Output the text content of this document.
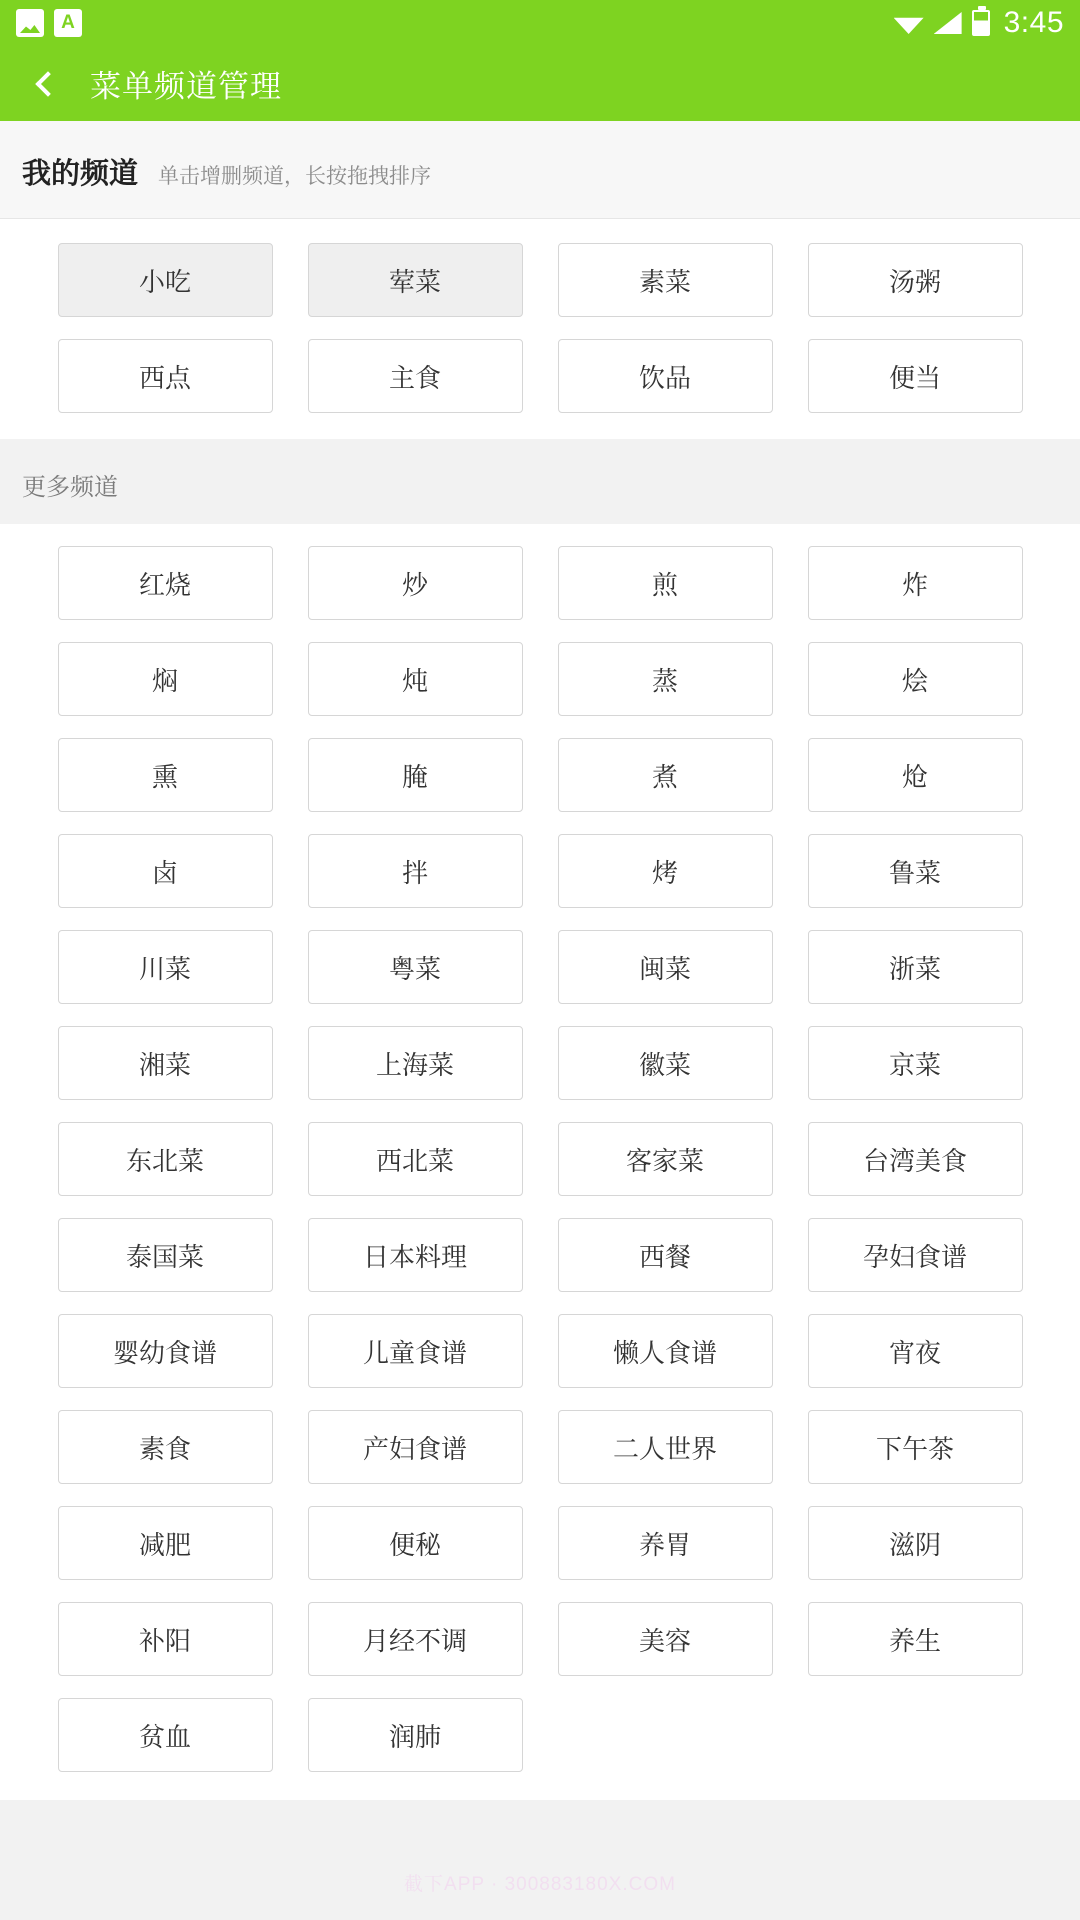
A	3:45
菜单频道管理
我的频道 单击增删频道，长按拖拽排序
小吃	荤菜	素菜	汤粥
西点	主食	饮品	便当
更多频道
红烧	炒	煎	炸
焖	炖	蒸	烩
熏	腌	煮	炝
卤	拌	烤	鲁菜
川菜	粤菜	闽菜	浙菜
湘菜	上海菜	徽菜	京菜
东北菜	西北菜	客家菜	台湾美食
泰国菜	日本料理	西餐	孕妇食谱
婴幼食谱	儿童食谱	懒人食谱	宵夜
素食	产妇食谱	二人世界	下午茶
减肥	便秘	养胃	滋阴
补阳	月经不调	美容	养生
贫血	润肺
截下APP · 300883180X.COM
